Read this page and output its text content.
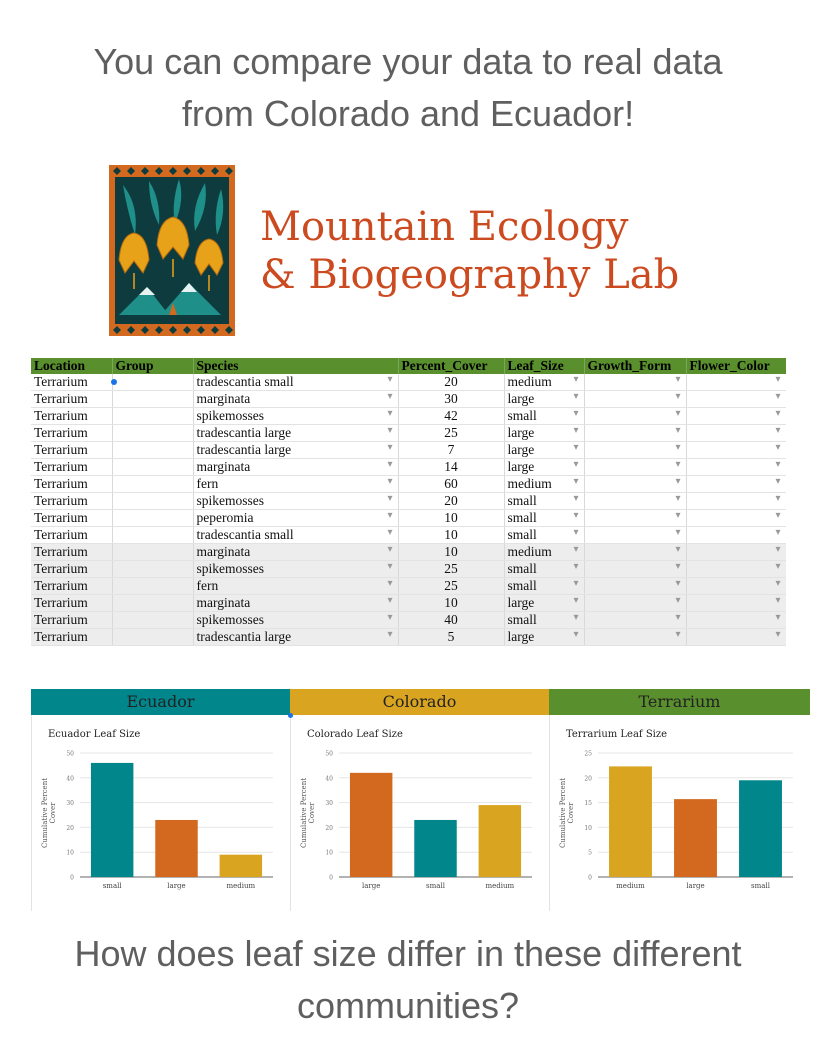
You can compare your data to real data
from Colorado and Ecuador!
Mountain Ecology
& Biogeography Lab
Location	Group	Species	Percent_Cover	Leaf_Size	Growth_Form	Flower_Color
Terrarium		tradescantia small ▾	20	medium ▾	▾	▾
Terrarium		marginata ▾	30	large ▾	▾	▾
Terrarium		spikemosses ▾	42	small ▾	▾	▾
Terrarium		tradescantia large ▾	25	large ▾	▾	▾
Terrarium		tradescantia large ▾	7	large ▾	▾	▾
Terrarium		marginata ▾	14	large ▾	▾	▾
Terrarium		fern ▾	60	medium ▾	▾	▾
Terrarium		spikemosses ▾	20	small ▾	▾	▾
Terrarium		peperomia ▾	10	small ▾	▾	▾
Terrarium		tradescantia small ▾	10	small ▾	▾	▾
Terrarium		marginata ▾	10	medium ▾	▾	▾
Terrarium		spikemosses ▾	25	small ▾	▾	▾
Terrarium		fern ▾	25	small ▾	▾	▾
Terrarium		marginata ▾	10	large ▾	▾	▾
Terrarium		spikemosses ▾	40	small ▾	▾	▾
Terrarium		tradescantia large ▾	5	large ▾	▾	▾
Ecuador
Ecuador Leaf Size
Cumulative Percent Cover
0
10
20
30
40
50
small	large	medium
Colorado
Colorado Leaf Size
Cumulative Percent Cover
0
10
20
30
40
50
large	small	medium
Terrarium
Terrarium Leaf Size
Cumulative Percent Cover
0
5
10
15
20
25
medium	large	small
How does leaf size differ in these different
communities?
